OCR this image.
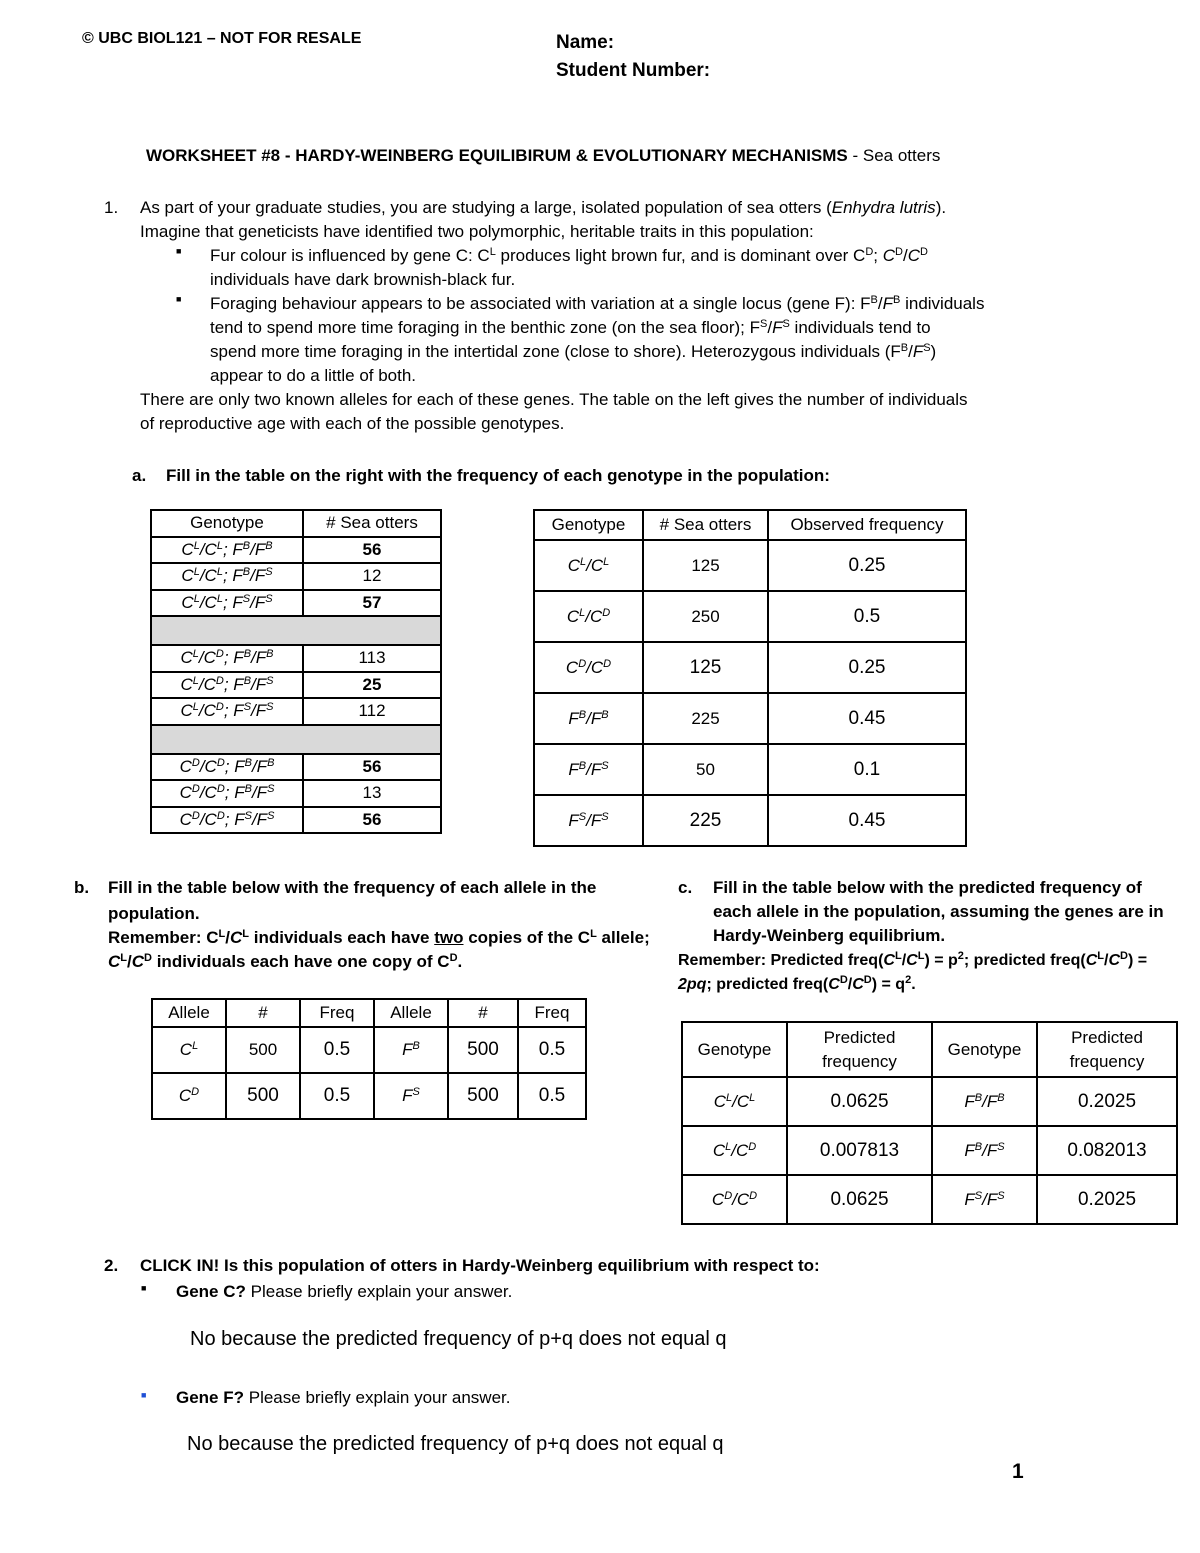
© UBC BIOL121 – NOT FOR RESALE	Name:
Student Number:
WORKSHEET #8 - HARDY-WEINBERG EQUILIBIRUM & EVOLUTIONARY MECHANISMS - Sea otters
1. As part of your graduate studies, you are studying a large, isolated population of sea otters (Enhydra lutris).
Imagine that geneticists have identified two polymorphic, heritable traits in this population:
■ Fur colour is influenced by gene C: $C^L$ produces light brown fur, and is dominant over $C^D$; $C^D/C^D$
individuals have dark brownish-black fur.
■ Foraging behaviour appears to be associated with variation at a single locus (gene F): $F^B/F^B$ individuals
tend to spend more time foraging in the benthic zone (on the sea floor); $F^S/F^S$ individuals tend to
spend more time foraging in the intertidal zone (close to shore). Heterozygous individuals $(F^B/F^S)$
appear to do a little of both.
There are only two known alleles for each of these genes. The table on the left gives the number of individuals
of reproductive age with each of the possible genotypes.
a. Fill in the table on the right with the frequency of each genotype in the population:
Genotype	# Sea otters
$C^L/C^L$; $F^B/F^B$	56
$C^L/C^L$; $F^B/F^S$	12
$C^L/C^L$; $F^S/F^S$	57

$C^L/C^D$; $F^B/F^B$	113
$C^L/C^D$; $F^B/F^S$	25
$C^L/C^D$; $F^S/F^S$	112

$C^D/C^D$; $F^B/F^B$	56
$C^D/C^D$; $F^B/F^S$	13
$C^D/C^D$; $F^S/F^S$	56
Genotype	# Sea otters	Observed frequency
$C^L/C^L$	125	0.25
$C^L/C^D$	250	0.5
$C^D/C^D$	125	0.25
$F^B/F^B$	225	0.45
$F^B/F^S$	50	0.1
$F^S/F^S$	225	0.45
b. Fill in the table below with the frequency of each allele in the
population.
Remember: $C^L/C^L$ individuals each have two copies of the $C^L$ allele;
$C^L/C^D$ individuals each have one copy of $C^D$.
Allele	#	Freq	Allele	#	Freq
$C^L$	500	0.5	$F^B$	500	0.5
$C^D$	500	0.5	$F^S$	500	0.5
c. Fill in the table below with the predicted frequency of
each allele in the population, assuming the genes are in
Hardy-Weinberg equilibrium.
Remember: Predicted $freq(C^L/C^L) = p^2$; predicted $freq(C^L/C^D)$ =
2pq; predicted $freq(C^D/C^D) = q^2$.
Genotype	Predicted frequency	Genotype	Predicted frequency
$C^L/C^L$	0.0625	$F^B/F^B$	0.2025
$C^L/C^D$	0.007813	$F^B/F^S$	0.082013
$C^D/C^D$	0.0625	$F^S/F^S$	0.2025
2. CLICK IN! Is this population of otters in Hardy-Weinberg equilibrium with respect to:
■ Gene C? Please briefly explain your answer.
No because the predicted frequency of p+q does not equal q
■ Gene F? Please briefly explain your answer.
No because the predicted frequency of p+q does not equal q
1
